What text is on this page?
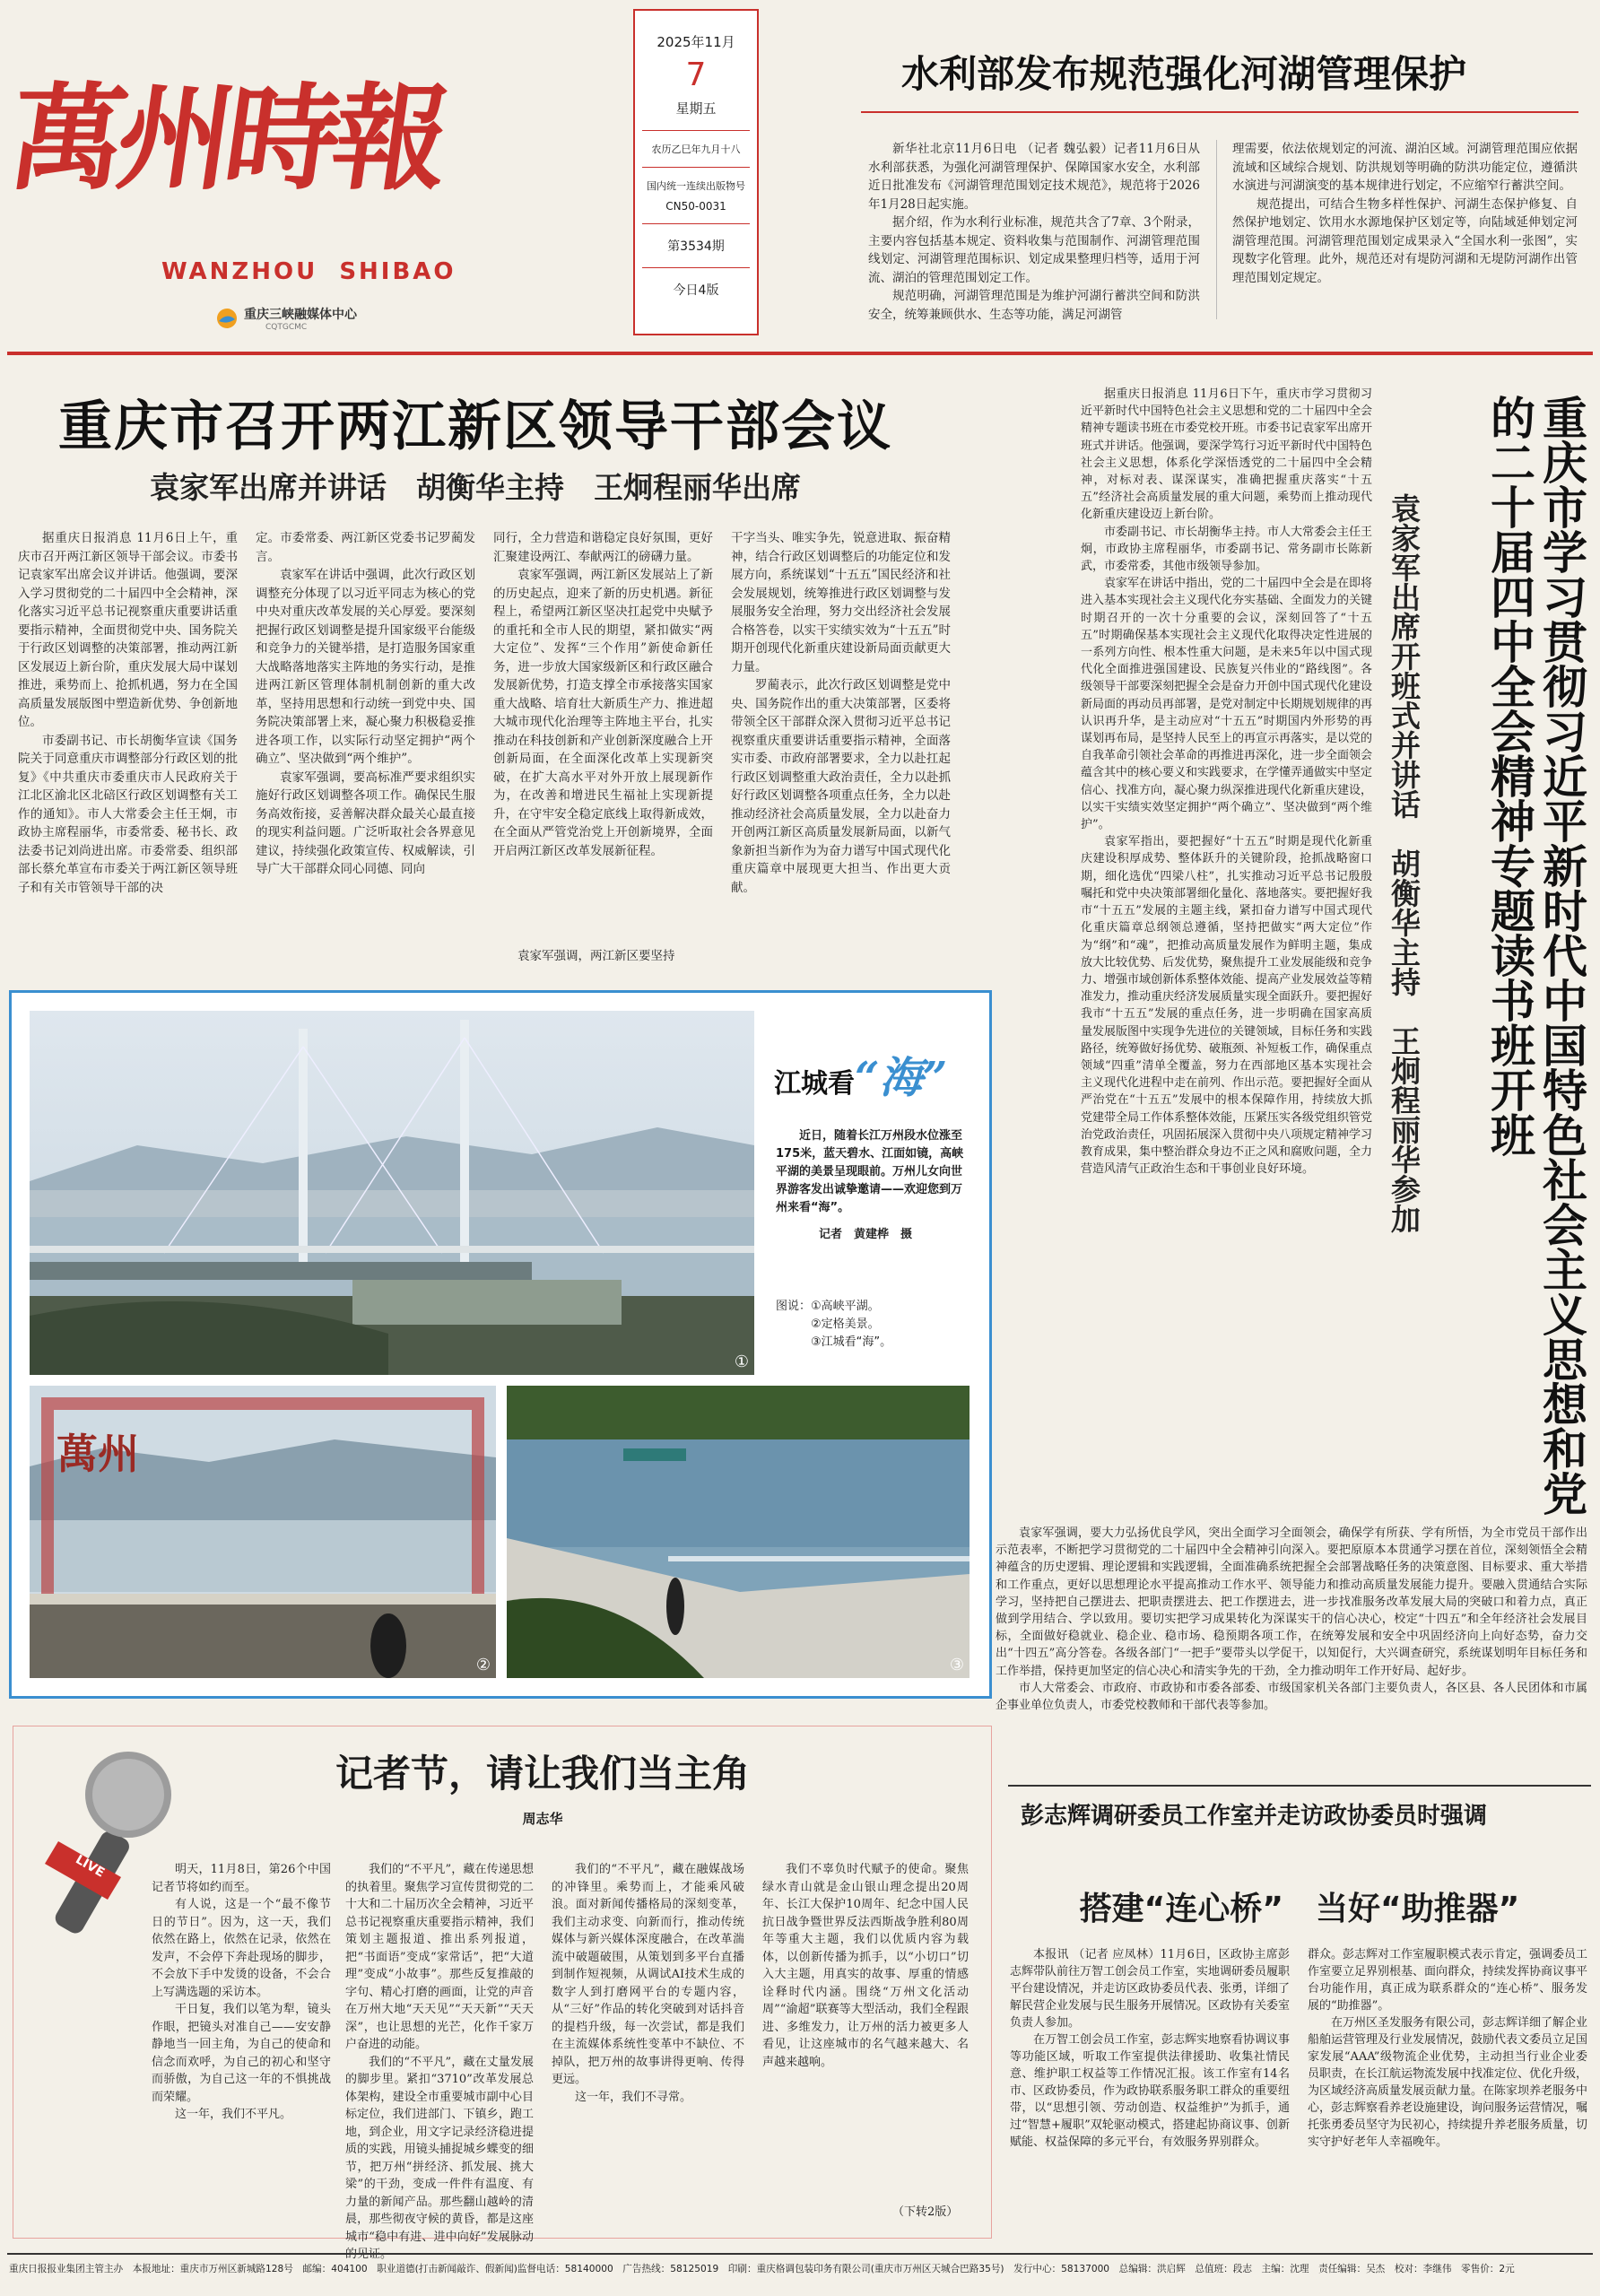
萬州時報
WANZHOU  SHIBAO
重庆三峡融媒体中心
CQTGCMC
2025年11月
7
星期五
农历乙巳年九月十八
国内统一连续出版物号
CN50-0031
第3534期
今日4版
水利部发布规范强化河湖管理保护

新华社北京11月6日电 （记者 魏弘毅）记者11月6日从水利部获悉，为强化河湖管理保护、保障国家水安全，水利部近日批准发布《河湖管理范围划定技术规范》，规范将于2026年1月28日起实施。

据介绍，作为水利行业标准，规范共含了7章、3个附录，主要内容包括基本规定、资料收集与范围制作、河湖管理范围线划定、河湖管理范围标识、划定成果整理归档等，适用于河流、湖泊的管理范围划定工作。

规范明确，河湖管理范围是为维护河湖行蓄洪空间和防洪安全，统筹兼顾供水、生态等功能，满足河湖管

理需要，依法依规划定的河流、湖泊区域。河湖管理范围应依据流域和区域综合规划、防洪规划等明确的防洪功能定位，遵循洪水演进与河湖演变的基本规律进行划定，不应缩窄行蓄洪空间。

规范提出，可结合生物多样性保护、河湖生态保护修复、自然保护地划定、饮用水水源地保护区划定等，向陆域延伸划定河湖管理范围。河湖管理范围划定成果录入“全国水利一张图”，实现数字化管理。此外，规范还对有堤防河湖和无堤防河湖作出管理范围划定规定。

重庆市召开两江新区领导干部会议
袁家军出席并讲话　胡衡华主持　王炯程丽华出席

据重庆日报消息 11月6日上午，重庆市召开两江新区领导干部会议。市委书记袁家军出席会议并讲话。他强调，要深入学习贯彻党的二十届四中全会精神，深化落实习近平总书记视察重庆重要讲话重要指示精神，全面贯彻党中央、国务院关于行政区划调整的决策部署，推动两江新区发展迈上新台阶，重庆发展大局中谋划推进，乘势而上、抢抓机遇，努力在全国高质量发展版图中塑造新优势、争创新地位。

市委副书记、市长胡衡华宣读《国务院关于同意重庆市调整部分行政区划的批复》《中共重庆市委重庆市人民政府关于江北区渝北区北碚区行政区划调整有关工作的通知》。市人大常委会主任王炯，市政协主席程丽华，市委常委、秘书长、政法委书记刘尚进出席。市委常委、组织部部长蔡允革宣布市委关于两江新区领导班子和有关市管领导干部的决

定。市委常委、两江新区党委书记罗蔺发言。

袁家军在讲话中强调，此次行政区划调整充分体现了以习近平同志为核心的党中央对重庆改革发展的关心厚爱。要深刻把握行政区划调整是提升国家级平台能级和竞争力的关键举措，是打造服务国家重大战略落地落实主阵地的务实行动，是推进两江新区管理体制机制创新的重大改革，坚持用思想和行动统一到党中央、国务院决策部署上来，凝心聚力积极稳妥推进各项工作，以实际行动坚定拥护“两个确立”、坚决做到“两个维护”。

袁家军强调，要高标准严要求组织实施好行政区划调整各项工作。确保民生服务高效衔接，妥善解决群众最关心最直接的现实利益问题。广泛听取社会各界意见建议，持续强化政策宣传、权威解读，引导广大干部群众同心同德、同向

同行，全力营造和谐稳定良好氛围，更好汇聚建设两江、奉献两江的磅礴力量。

袁家军强调，两江新区发展站上了新的历史起点，迎来了新的历史机遇。新征程上，希望两江新区坚决扛起党中央赋予的重托和全市人民的期望，紧扣做实“两大定位”、发挥“三个作用”新使命新任务，进一步放大国家级新区和行政区融合发展新优势，打造支撑全市承接落实国家重大战略、培育壮大新质生产力、推进超大城市现代化治理等主阵地主平台，扎实推动在科技创新和产业创新深度融合上开创新局面，在全面深化改革上实现新突破，在扩大高水平对外开放上展现新作为，在改善和增进民生福祉上实现新提升，在守牢安全稳定底线上取得新成效，在全面从严管党治党上开创新境界，全面开启两江新区改革发展新征程。

干字当头、唯实争先，锐意进取、振奋精神，结合行政区划调整后的功能定位和发展方向，系统谋划“十五五”国民经济和社会发展规划，统筹推进行政区划调整与发展服务安全治理，努力交出经济社会发展合格答卷，以实干实绩实效为“十五五”时期开创现代化新重庆建设新局面贡献更大力量。

罗蔺表示，此次行政区划调整是党中央、国务院作出的重大决策部署，区委将带领全区干部群众深入贯彻习近平总书记视察重庆重要讲话重要指示精神，全面落实市委、市政府部署要求，全力以赴扛起行政区划调整重大政治责任，全力以赴抓好行政区划调整各项重点任务，全力以赴推动经济社会高质量发展，全力以赴奋力开创两江新区高质量发展新局面，以新气象新担当新作为为奋力谱写中国式现代化重庆篇章中展现更大担当、作出更大贡献。

袁家军强调，两江新区要坚持

据重庆日报消息 11月6日下午，重庆市学习贯彻习近平新时代中国特色社会主义思想和党的二十届四中全会精神专题读书班在市委党校开班。市委书记袁家军出席开班式并讲话。他强调，要深学笃行习近平新时代中国特色社会主义思想，体系化学深悟透党的二十届四中全会精神，对标对表、谋深谋实，准确把握重庆落实“十五五”经济社会高质量发展的重大问题，乘势而上推动现代化新重庆建设迈上新台阶。

市委副书记、市长胡衡华主持。市人大常委会主任王炯，市政协主席程丽华，市委副书记、常务副市长陈新武，市委常委，其他市级领导参加。

袁家军在讲话中指出，党的二十届四中全会是在即将进入基本实现社会主义现代化夯实基础、全面发力的关键时期召开的一次十分重要的会议，深刻回答了“十五五”时期确保基本实现社会主义现代化取得决定性进展的一系列方向性、根本性重大问题，是未来5年以中国式现代化全面推进强国建设、民族复兴伟业的“路线图”。各级领导干部要深刻把握全会是奋力开创中国式现代化建设新局面的再动员再部署，是党对制定中长期规划规律的再认识再升华，是主动应对“十五五”时期国内外形势的再谋划再布局，是坚持人民至上的再宣示再落实，是以党的自我革命引领社会革命的再推进再深化，进一步全面领会蕴含其中的核心要义和实践要求，在学懂弄通做实中坚定信心、找准方向，凝心聚力纵深推进现代化新重庆建设，以实干实绩实效坚定拥护“两个确立”、坚决做到“两个维护”。

袁家军指出，要把握好“十五五”时期是现代化新重庆建设积厚成势、整体跃升的关键阶段，抢抓战略窗口期，细化选优“四梁八柱”，扎实推动习近平总书记殷殷嘱托和党中央决策部署细化量化、落地落实。要把握好我市“十五五”发展的主题主线，紧扣奋力谱写中国式现代化重庆篇章总纲领总遵循，坚持把做实“两大定位”作为“纲”和“魂”，把推动高质量发展作为鲜明主题，集成放大比较优势、后发优势，聚焦提升工业发展能级和竞争力、增强市域创新体系整体效能、提高产业发展效益等精准发力，推动重庆经济发展质量实现全面跃升。要把握好我市“十五五”发展的重点任务，进一步明确在国家高质量发展版图中实现争先进位的关键领域，目标任务和实践路径，统筹做好扬优势、破瓶颈、补短板工作，确保重点领域“四重”清单全覆盖，努力在西部地区基本实现社会主义现代化进程中走在前列、作出示范。要把握好全面从严治党在“十五五”发展中的根本保障作用，持续放大抓党建带全局工作体系整体效能，压紧压实各级党组织管党治党政治责任，巩固拓展深入贯彻中央八项规定精神学习教育成果，集中整治群众身边不正之风和腐败问题，全力营造风清气正政治生态和干事创业良好环境。	重庆市学习贯彻习近平新时代中国特色社会主义思想和党的二十届四中全会精神专题读书班开班
袁家军出席开班式并讲话　胡衡华主持　王炯程丽华参加

袁家军强调，要大力弘扬优良学风，突出全面学习全面领会，确保学有所获、学有所悟，为全市党员干部作出示范表率，不断把学习贯彻党的二十届四中全会精神引向深入。要把原原本本贯通学习摆在首位，深刻领悟全会精神蕴含的历史逻辑、理论逻辑和实践逻辑，全面准确系统把握全会部署战略任务的决策意图、目标要求、重大举措和工作重点，更好以思想理论水平提高推动工作水平、领导能力和推动高质量发展能力提升。要融入贯通结合实际学习，坚持把自己摆进去、把职责摆进去、把工作摆进去，进一步找准服务改革发展大局的突破口和着力点，真正做到学用结合、学以致用。要切实把学习成果转化为深谋实干的信心决心，校定“十四五”和全年经济社会发展目标，全面做好稳就业、稳企业、稳市场、稳预期各项工作，在统筹发展和安全中巩固经济向上向好态势，奋力交出“十四五”高分答卷。各级各部门“一把手”要带头以学促干，以知促行，大兴调查研究，系统谋划明年目标任务和工作举措，保持更加坚定的信心决心和清实争先的干劲，全力推动明年工作开好局、起好步。

市人大常委会、市政府、市政协和市委各部委、市级国家机关各部门主要负责人，各区县、各人民团体和市属企事业单位负责人，市委党校教师和干部代表等参加。

①
江城看“海”
近日，随着长江万州段水位涨至175米，蓝天碧水、江面如镜，高峡平湖的美景呈现眼前。万州儿女向世界游客发出诚挚邀请——欢迎您到万州来看“海”。
记者　黄建桦　摄
图说：①高峡平湖。
②定格美景。
③江城看“海”。
萬州
②	③
LIVE
记者节，请让我们当主角
周志华

明天，11月8日，第26个中国记者节将如约而至。

有人说，这是一个“最不像节日的节日”。因为，这一天，我们依然在路上，依然在记录，依然在发声，不会停下奔赴现场的脚步，不会放下手中发烫的设备，不会合上写满选题的采访本。

干日复，我们以笔为犁，镜头作眼，把镜头对准自己——安安静静地当一回主角，为自己的使命和信念而欢呼，为自己的初心和坚守而骄傲，为自己这一年的不惧挑战而荣耀。

这一年，我们不平凡。

我们的“不平凡”，藏在传递思想的执着里。聚焦学习宣传贯彻党的二十大和二十届历次全会精神，习近平总书记视察重庆重要指示精神，我们策划主题报道、推出系列报道，把“书面语”变成“家常话”，把“大道理”变成“小故事”。那些反复推敲的字句、精心打磨的画面，让党的声音在万州大地“天天见”“天天新”“天天深”，也让思想的光芒，化作千家万户奋进的动能。

我们的“不平凡”，藏在丈量发展的脚步里。紧扣“3710”改革发展总体架构，建设全市重要城市副中心目标定位，我们进部门、下镇乡，跑工地，到企业，用文字记录经济稳进提质的实践，用镜头捕捉城乡蝶变的细节，把万州“拼经济、抓发展、挑大梁”的干劲，变成一件件有温度、有力量的新闻产品。那些翻山越岭的清晨，那些彻夜守候的黄昏，都是这座城市“稳中有进、进中向好”发展脉动

我们的“不平凡”，藏在融媒战场的冲锋里。乘势而上，才能乘风破浪。面对新闻传播格局的深刻变革，我们主动求变、向新而行，推动传统媒体与新兴媒体深度融合，在改革湍流中破题破围，从策划到多平台直播到制作短视频，从调试AI技术生成的数字人到打磨网平台的专题内容，从“三好”作品的转化突破到对话抖音的提档升级，每一次尝试，都是我们在主流媒体系统性变革中不缺位、不掉队，把万州的故事讲得更响、传得更远。

这一年，我们不寻常。

我们不辜负时代赋予的使命。聚焦绿水青山就是金山银山理念提出20周年、长江大保护10周年、纪念中国人民抗日战争暨世界反法西斯战争胜利80周年等重大主题，我们以优质内容为载体，以创新传播为抓手，以“小切口”切入大主题，用真实的故事、厚重的情感诠释时代内涵。围绕“万州文化活动周”“渝超”联赛等大型活动，我们全程跟进、多维发力，让万州的活力被更多人看见，让这座城市的名气越来越大、名声越来越响。

（下转2版）
彭志辉调研委员工作室并走访政协委员时强调
搭建“连心桥”　当好“助推器”

本报讯 （记者 应凤林）11月6日，区政协主席彭志辉带队前往万智工创会员工作室，实地调研委员履职平台建设情况，并走访区政协委员代表、张勇，详细了解民营企业发展与民生服务开展情况。区政协有关委室负责人参加。

在万智工创会员工作室，彭志辉实地察看协调议事等功能区域，听取工作室提供法律援助、收集社情民意、维护职工权益等工作情况汇报。该工作室有14名市、区政协委员，作为政协联系服务职工群众的重要纽带，以“思想引领、劳动创造、权益维护”为抓手，通过“智慧+履职”双轮驱动模式，搭建起协商议事、创新赋能、权益保障的多元平台，有效服务界别群众。

群众。彭志辉对工作室履职模式表示肯定，强调委员工作室要立足界别根基、面向群众，持续发挥协商议事平台功能作用，真正成为联系群众的“连心桥”、服务发展的“助推器”。

在万州区圣发服务有限公司，彭志辉详细了解企业船舶运营管理及行业发展情况，鼓励代表文委员立足国家发展“AAA”级物流企业优势，主动担当行业企业委员职责，在长江航运物流发展中找准定位、优化升级，为区域经济高质量发展贡献力量。在陈家坝养老服务中心，彭志辉察看养老设施建设，询问服务运营情况，嘱托张勇委员坚守为民初心，持续提升养老服务质量，切实守护好老年人幸福晚年。

重庆日报报业集团主管主办　本报地址：重庆市万州区新城路128号　邮编：404100　职业道德(打击新闻敲诈、假新闻)监督电话：58140000　广告热线：58125019　印刷：重庆格调包装印务有限公司(重庆市万州区天城合巴路35号)　发行中心：58137000　总编辑：洪启辉　总值班：段志　主编：沈理　责任编辑：吴杰　校对：李继伟　零售价：2元
